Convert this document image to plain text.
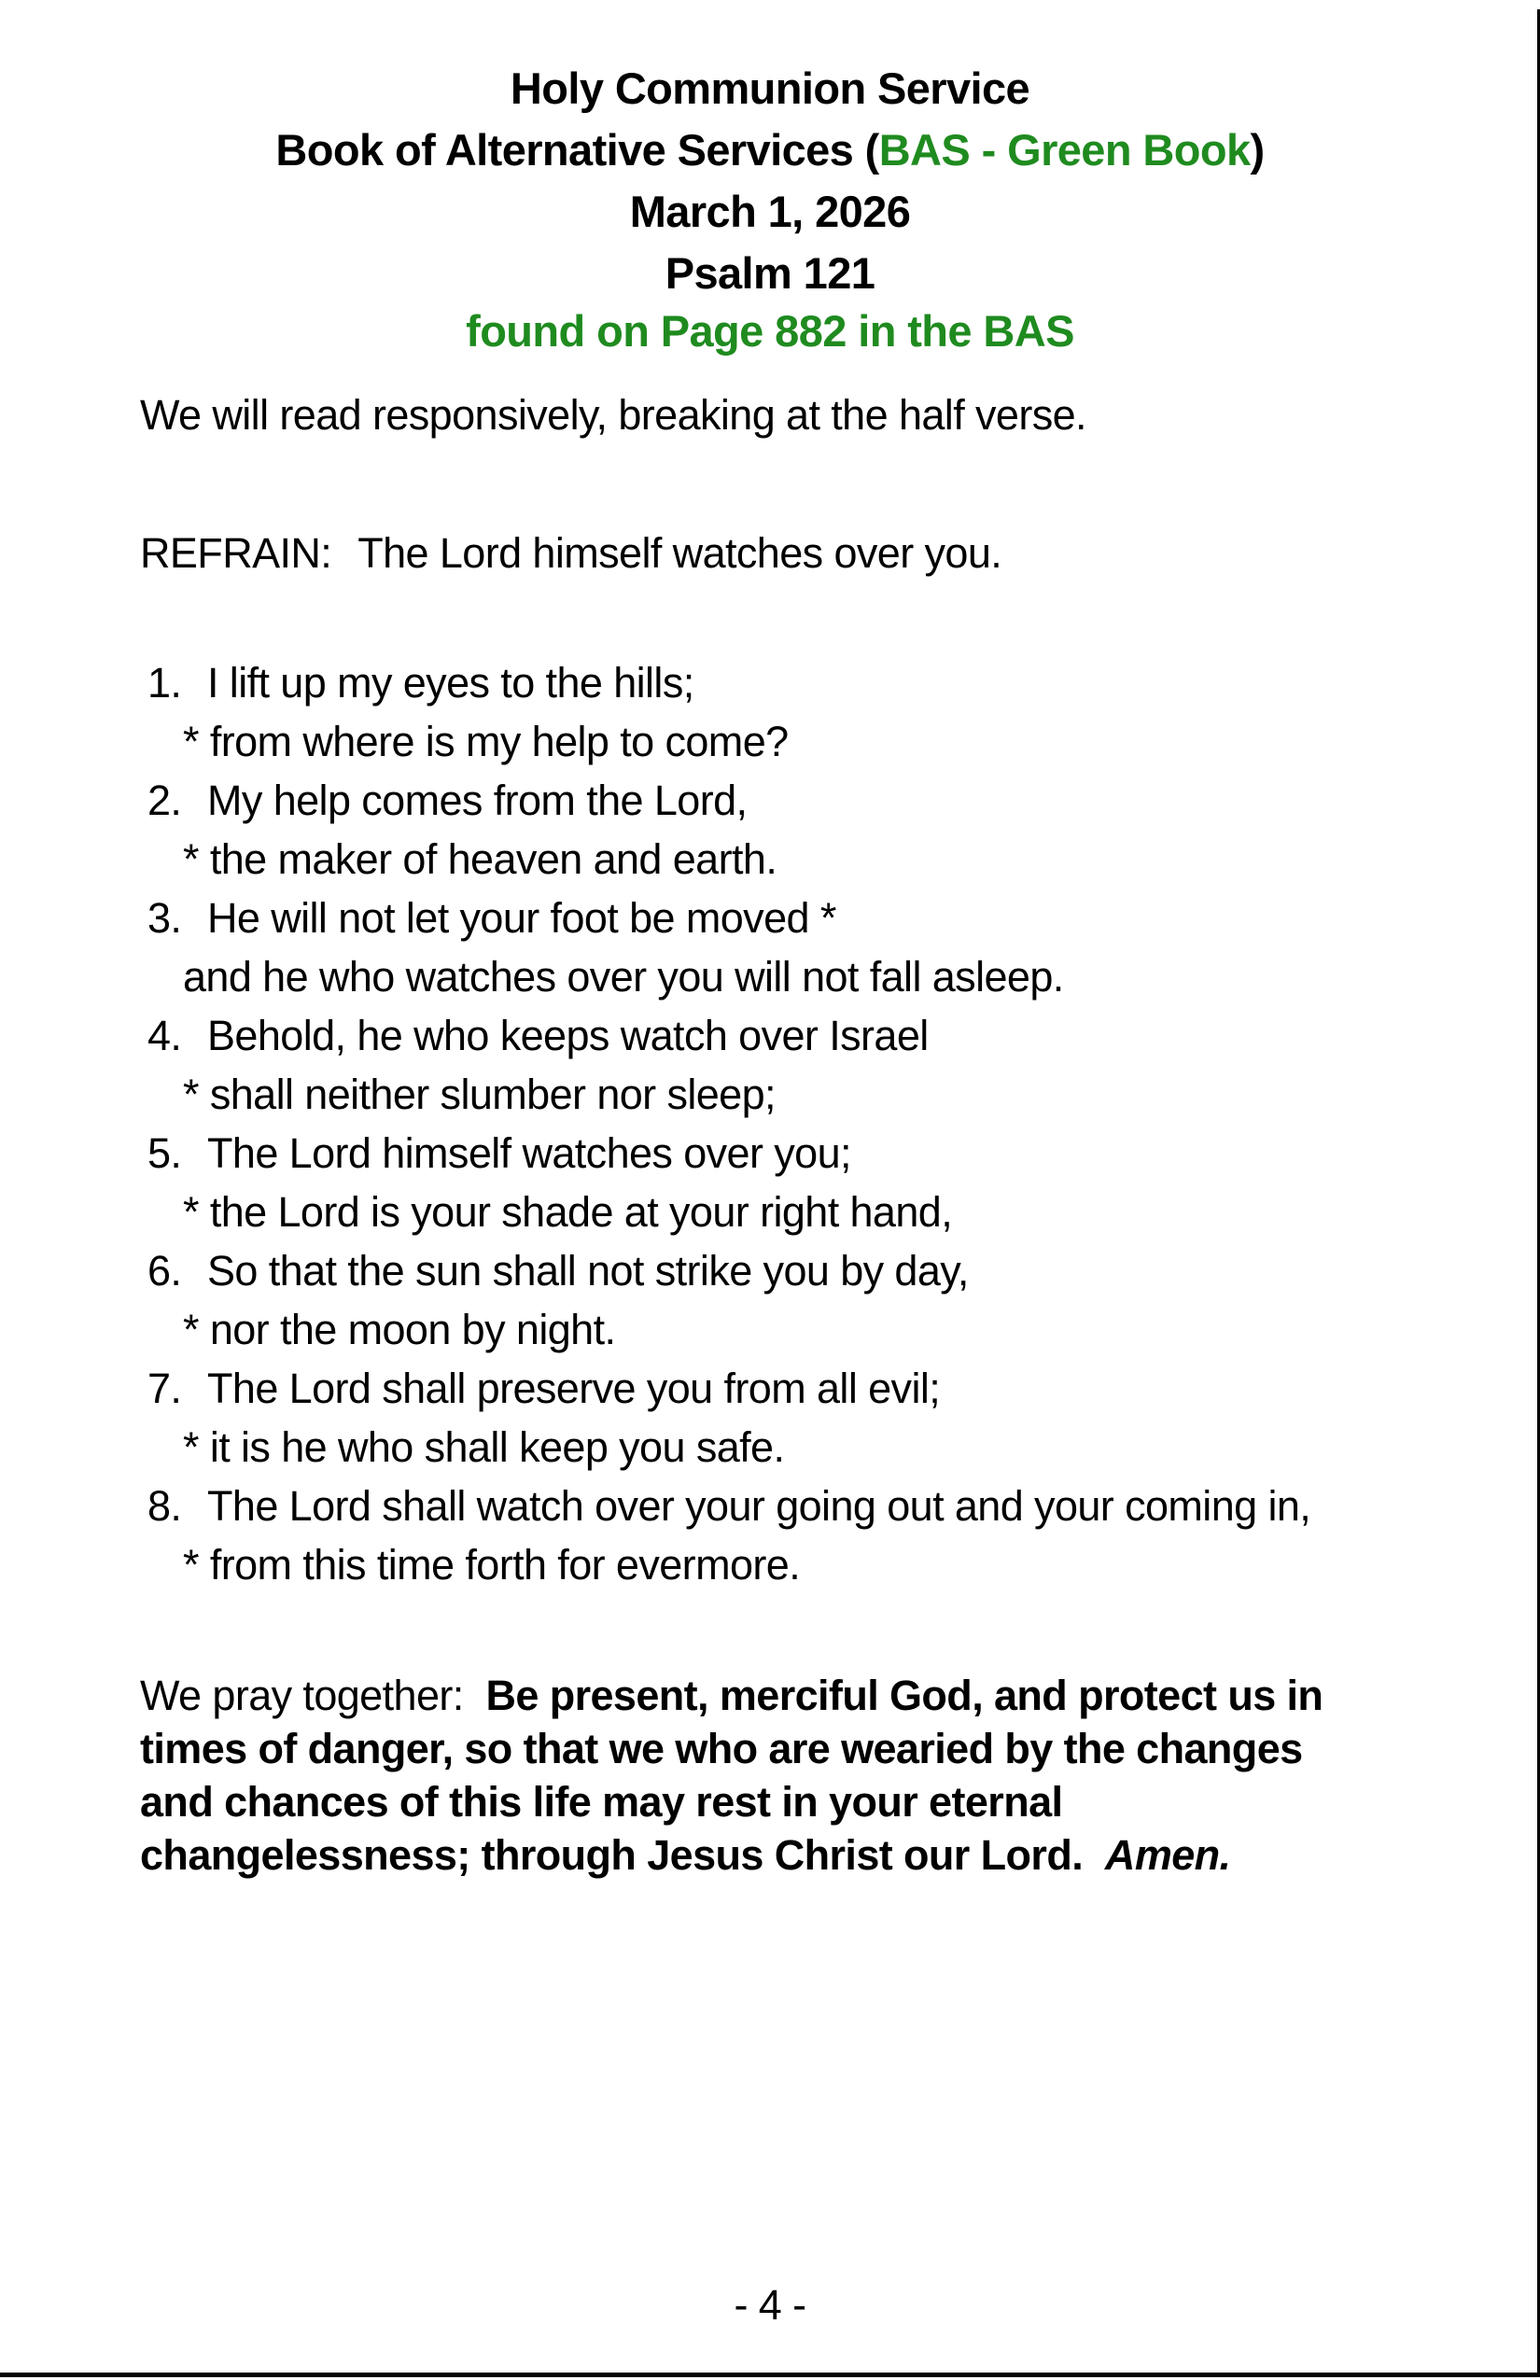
Holy Communion Service
Book of Alternative Services (BAS - Green Book)
March 1, 2026
Psalm 121
found on Page 882 in the BAS
We will read responsively, breaking at the half verse.
REFRAIN: The Lord himself watches over you.
1. I lift up my eyes to the hills;
* from where is my help to come?
2. My help comes from the Lord,
* the maker of heaven and earth.
3. He will not let your foot be moved *
and he who watches over you will not fall asleep.
4. Behold, he who keeps watch over Israel
* shall neither slumber nor sleep;
5. The Lord himself watches over you;
* the Lord is your shade at your right hand,
6. So that the sun shall not strike you by day,
* nor the moon by night.
7. The Lord shall preserve you from all evil;
* it is he who shall keep you safe.
8. The Lord shall watch over your going out and your coming in,
* from this time forth for evermore.
We pray together:  Be present, merciful God, and protect us in
times of danger, so that we who are wearied by the changes
and chances of this life may rest in your eternal
changelessness; through Jesus Christ our Lord.  Amen.
- 4 -
